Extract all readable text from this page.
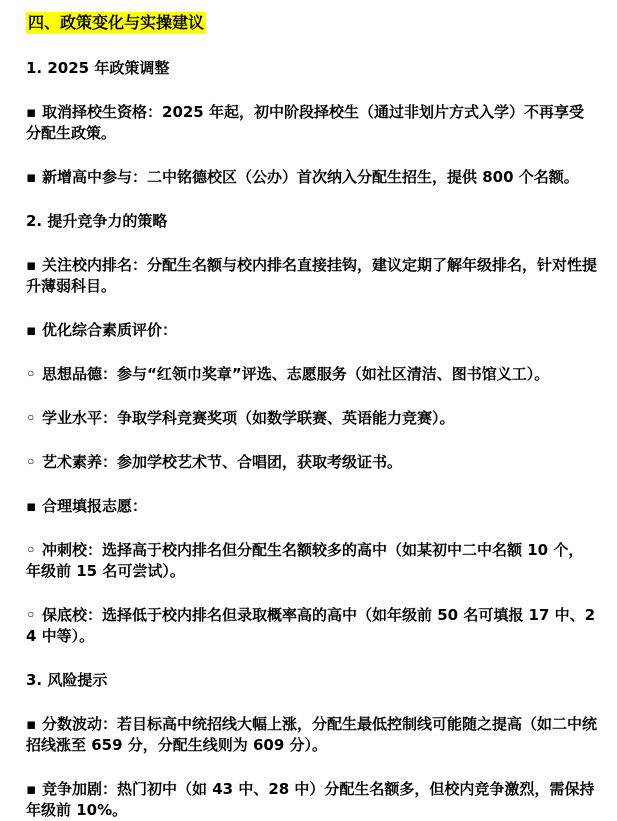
四、政策变化与实操建议
1. 2025 年政策调整
▪ 取消择校生资格：2025 年起，初中阶段择校生（通过非划片方式入学）不再享受分配生政策。
▪ 新增高中参与：二中铭德校区（公办）首次纳入分配生招生，提供 800 个名额。
2. 提升竞争力的策略
▪ 关注校内排名：分配生名额与校内排名直接挂钩，建议定期了解年级排名，针对性提升薄弱科目。
▪ 优化综合素质评价：
◦ 思想品德：参与“红领巾奖章”评选、志愿服务（如社区清洁、图书馆义工）。
◦ 学业水平：争取学科竞赛奖项（如数学联赛、英语能力竞赛）。
◦ 艺术素养：参加学校艺术节、合唱团，获取考级证书。
▪ 合理填报志愿：
◦ 冲刺校：选择高于校内排名但分配生名额较多的高中（如某初中二中名额 10 个，年级前 15 名可尝试）。
◦ 保底校：选择低于校内排名但录取概率高的高中（如年级前 50 名可填报 17 中、24 中等）。
3. 风险提示
▪ 分数波动：若目标高中统招线大幅上涨，分配生最低控制线可能随之提高（如二中统招线涨至 659 分，分配生线则为 609 分）。
▪ 竞争加剧：热门初中（如 43 中、28 中）分配生名额多，但校内竞争激烈，需保持年级前 10%。
